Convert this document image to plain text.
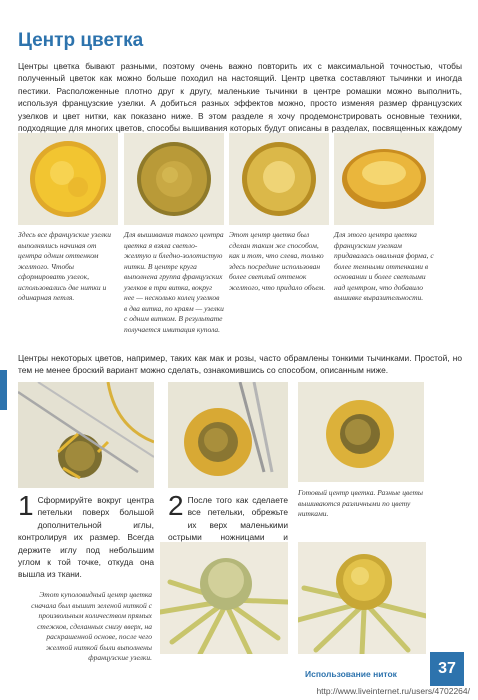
Центр цветка
Центры цветка бывают разными, поэтому очень важно повторить их с максимальной точностью, чтобы полученный цветок как можно больше походил на настоящий. Центр цветка составляют тычинки и иногда пестики. Расположенные плотно друг к другу, маленькие тычинки в центре ромашки можно выполнить, используя французские узелки. А добиться разных эффектов можно, просто изменяя размер французских узелков и цвет нитки, как показано ниже. В этом разделе я хочу продемонстрировать основные техники, подходящие для многих цветов, способы вышивания которых будут описаны в разделах, посвященных каждому
Здесь все французские узелки выполнялись начиная от центра одним оттенком желтого. Чтобы сформировать узелок, использовались две нитки и одинарная петля.
Для вышивания такого центра цветка я взяла светло-желтую и бледно-золотистую нитки. В центре круга выполнена группа французских узелков в три витка, вокруг нее — несколько колец узелков в два витка, по краям — узелки с одним витком. В результате получается имитация купола.
Этот центр цветка был сделан таким же способом, как и тот, что слева, только здесь посредине использован более светлый оттенок желтого, что придало объем.
Для этого центра цветка французским узелкам придавалась овальная форма, с более темными оттенками в основании и более светлыми над центром, что добавило вышивке выразительности.
Центры некоторых цветов, например, таких как мак и розы, часто обрамлены тонкими тычинками. Простой, но тем не менее броский вариант можно сделать, ознакомившись со способом, описанным ниже.
1 Сформируйте вокруг центра петельки поверх большой дополнительной иглы, контролируя их размер. Всегда держите иглу под небольшим углом к той точке, откуда она вышла из ткани.
2 После того как сделаете все петельки, обрежьте их верх маленькими острыми ножницами и
Готовый центр цветка. Разные цветы вышиваются различными по цвету нитками.
Этот куполовидный центр цветка сначала был вышит зеленой ниткой с произвольным количеством прямых стежков, сделанных снизу вверх, на раскрашенной основе, после чего желтой ниткой были выполнены французские узелки.
Использование ниток	37
http://www.liveinternet.ru/users/4702264/
